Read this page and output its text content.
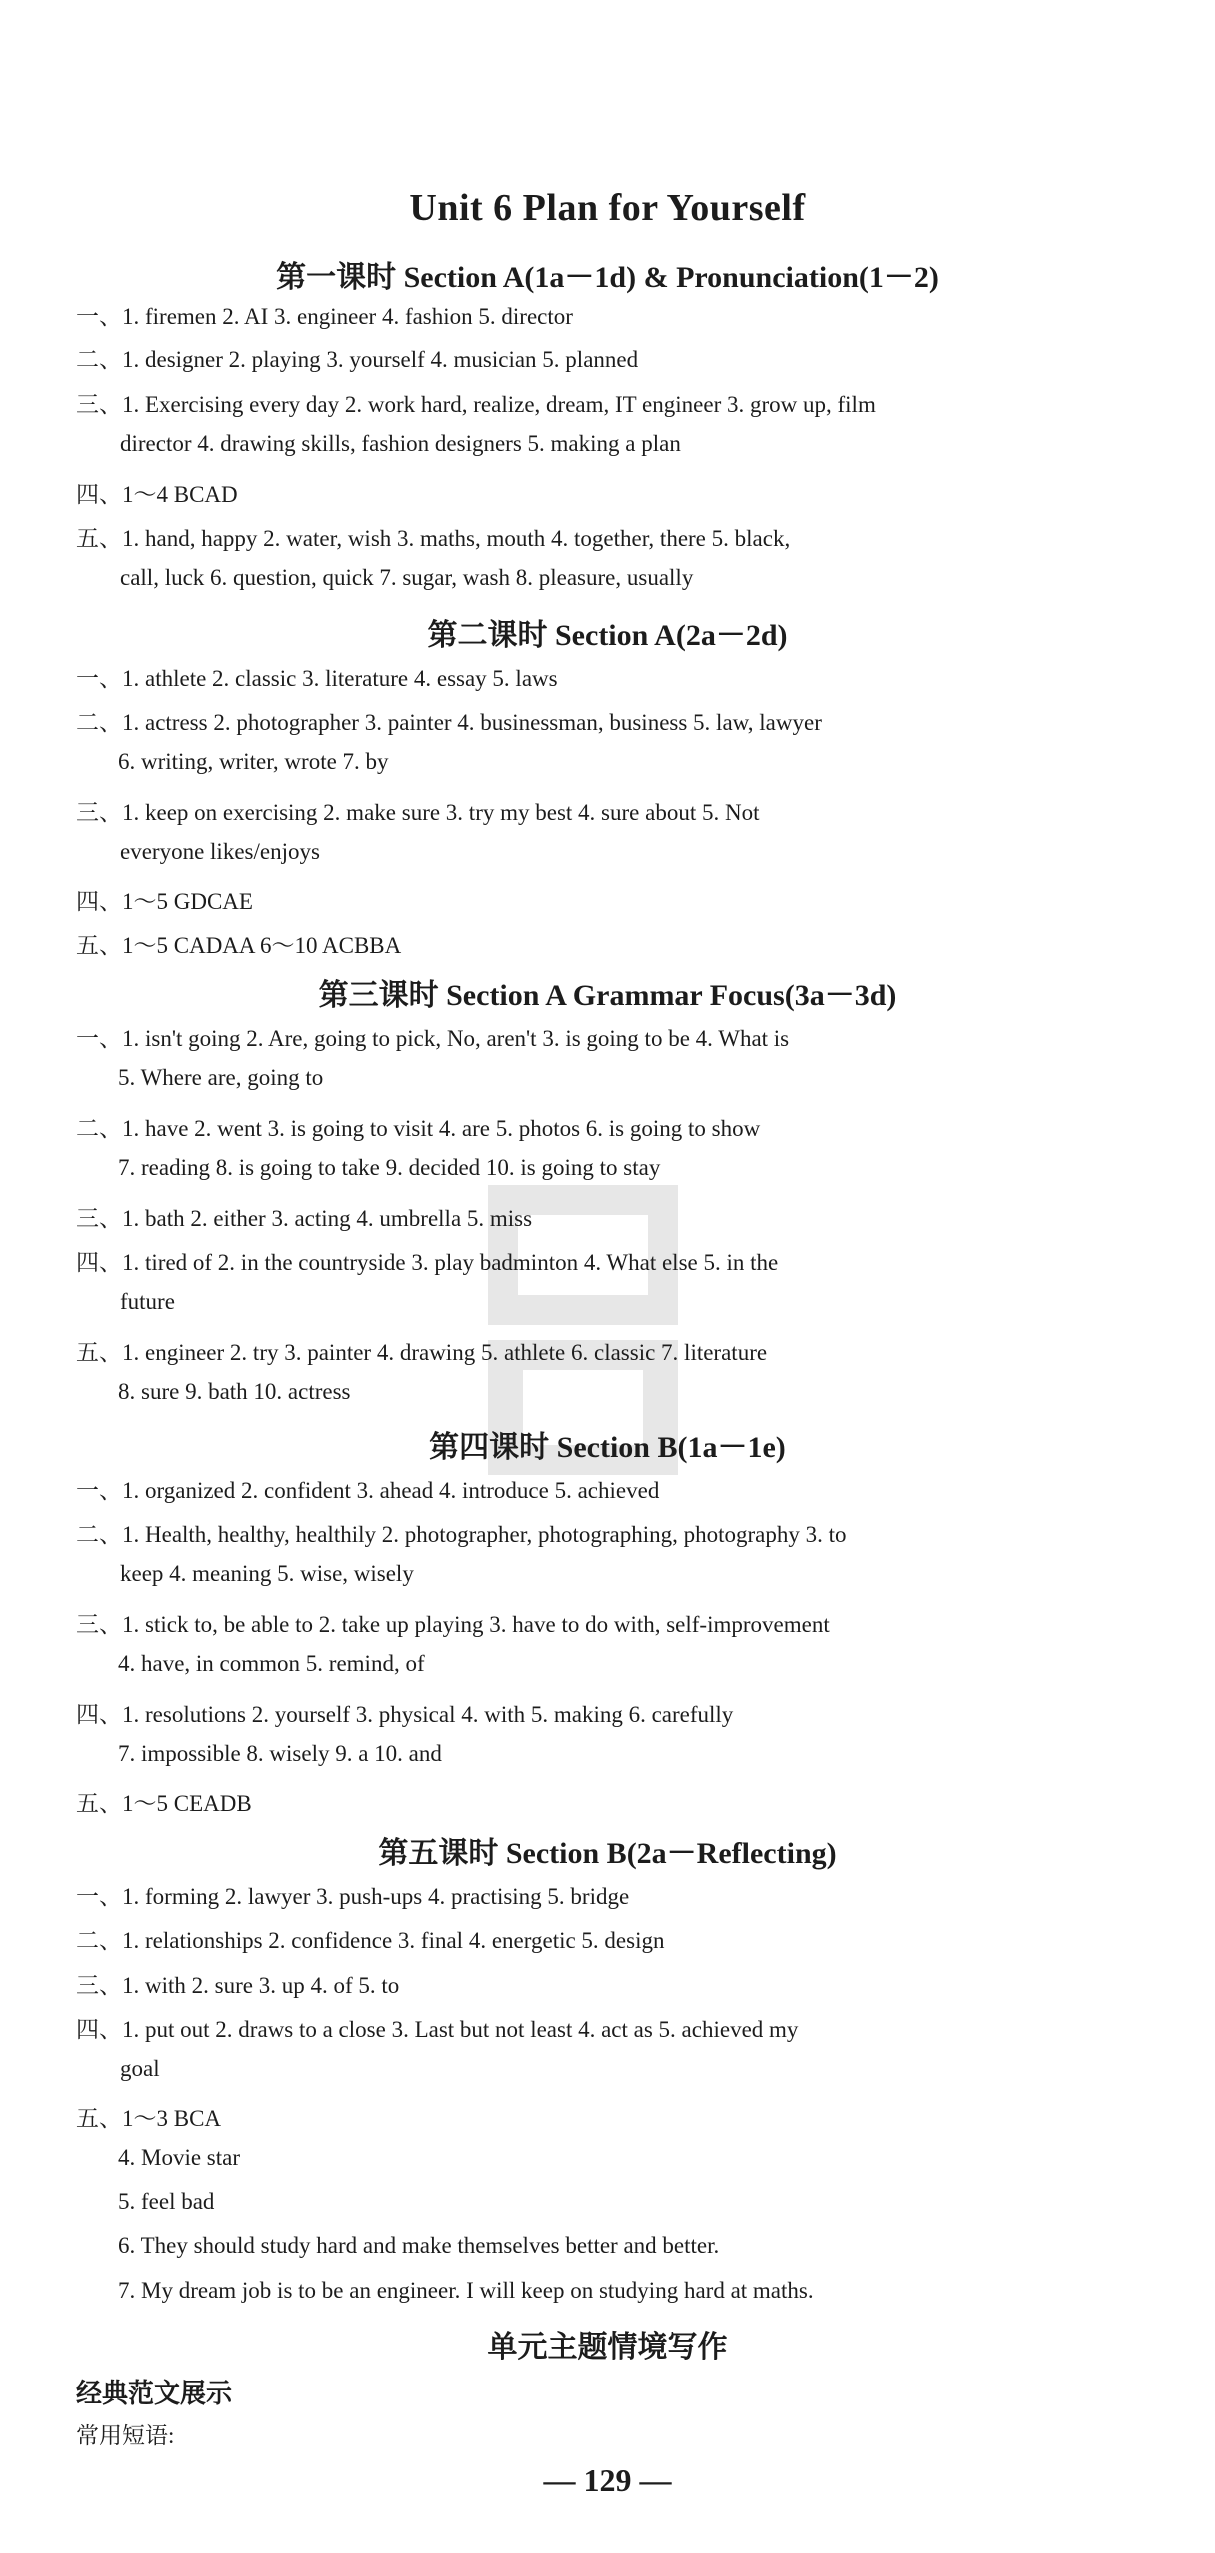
Unit 6 Plan for Yourself
第一课时 Section A(1a－1d) & Pronunciation(1－2)
一、1. firemen 2. AI 3. engineer 4. fashion 5. director
二、1. designer 2. playing 3. yourself 4. musician 5. planned
三、1. Exercising every day 2. work hard, realize, dream, IT engineer 3. grow up, film
director 4. drawing skills, fashion designers 5. making a plan
四、1～4 BCAD
五、1. hand, happy 2. water, wish 3. maths, mouth 4. together, there 5. black,
call, luck 6. question, quick 7. sugar, wash 8. pleasure, usually
第二课时 Section A(2a－2d)
一、1. athlete 2. classic 3. literature 4. essay 5. laws
二、1. actress 2. photographer 3. painter 4. businessman, business 5. law, lawyer
6. writing, writer, wrote 7. by
三、1. keep on exercising 2. make sure 3. try my best 4. sure about 5. Not
everyone likes/enjoys
四、1～5 GDCAE
五、1～5 CADAA 6～10 ACBBA
第三课时 Section A Grammar Focus(3a－3d)
一、1. isn't going 2. Are, going to pick, No, aren't 3. is going to be 4. What is
5. Where are, going to
二、1. have 2. went 3. is going to visit 4. are 5. photos 6. is going to show
7. reading 8. is going to take 9. decided 10. is going to stay
三、1. bath 2. either 3. acting 4. umbrella 5. miss
四、1. tired of 2. in the countryside 3. play badminton 4. What else 5. in the
future
五、1. engineer 2. try 3. painter 4. drawing 5. athlete 6. classic 7. literature
8. sure 9. bath 10. actress
第四课时 Section B(1a－1e)
一、1. organized 2. confident 3. ahead 4. introduce 5. achieved
二、1. Health, healthy, healthily 2. photographer, photographing, photography 3. to
keep 4. meaning 5. wise, wisely
三、1. stick to, be able to 2. take up playing 3. have to do with, self-improvement
4. have, in common 5. remind, of
四、1. resolutions 2. yourself 3. physical 4. with 5. making 6. carefully
7. impossible 8. wisely 9. a 10. and
五、1～5 CEADB
第五课时 Section B(2a－Reflecting)
一、1. forming 2. lawyer 3. push-ups 4. practising 5. bridge
二、1. relationships 2. confidence 3. final 4. energetic 5. design
三、1. with 2. sure 3. up 4. of 5. to
四、1. put out 2. draws to a close 3. Last but not least 4. act as 5. achieved my
goal
五、1～3 BCA
4. Movie star
5. feel bad
6. They should study hard and make themselves better and better.
7. My dream job is to be an engineer. I will keep on studying hard at maths.
单元主题情境写作
经典范文展示
常用短语:
— 129 —
